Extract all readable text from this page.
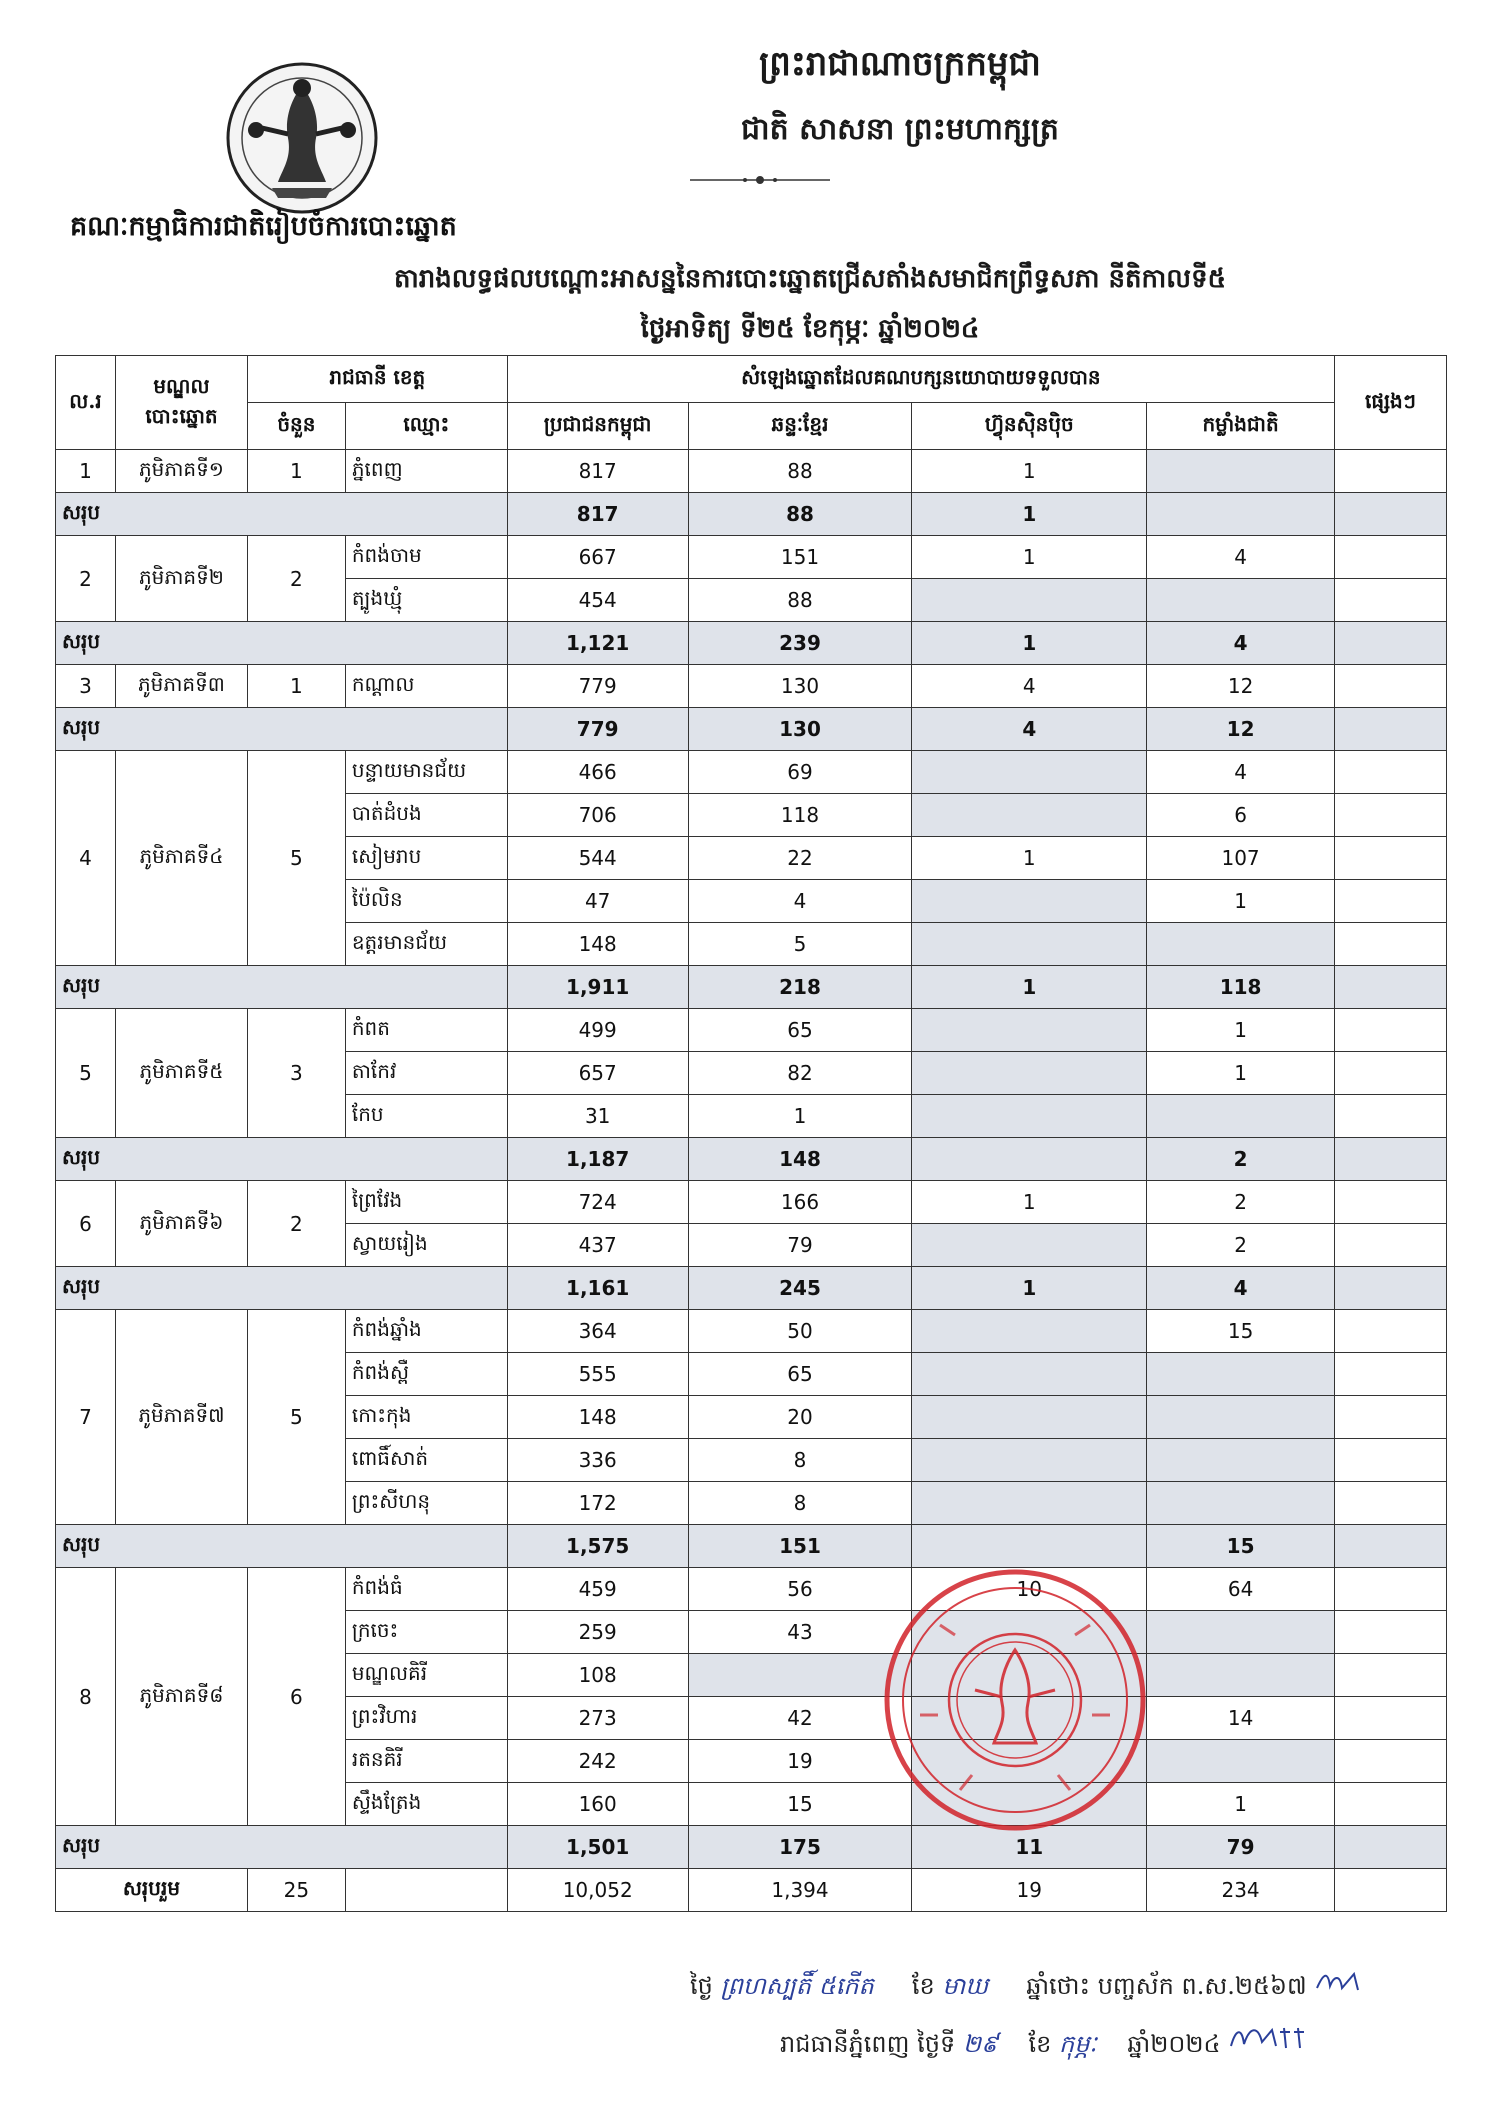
ព្រះរាជាណាចក្រកម្ពុជា
ជាតិ សាសនា ព្រះមហាក្សត្រ
គណៈកម្មាធិការជាតិរៀបចំការបោះឆ្នោត
តារាងលទ្ធផលបណ្តោះអាសន្ននៃការបោះឆ្នោតជ្រើសតាំងសមាជិកព្រឹទ្ធសភា នីតិកាលទី៥
ថ្ងៃអាទិត្យ ទី២៥ ខែកុម្ភៈ ឆ្នាំ២០២៤
ល.រ	មណ្ឌល
បោះឆ្នោត	រាជធានី ខេត្ត		សំឡេងឆ្នោតដែលគណបក្សនយោបាយទទួលបាន				ផ្សេងៗ
		ចំនួន	ឈ្មោះ	ប្រជាជនកម្ពុជា	ឆន្ទៈខ្មែរ	ហ៊្វុនស៊ិនប៉ិច	កម្លាំងជាតិ	
1	ភូមិភាគទី១	1	ភ្នំពេញ	817	88	1		
សរុប				817	88	1		
2	ភូមិភាគទី២	2	កំពង់ចាម	667	151	1	4	
			ត្បូងឃ្មុំ	454	88			
សរុប				1,121	239	1	4	
3	ភូមិភាគទី៣	1	កណ្ដាល	779	130	4	12	
សរុប				779	130	4	12	
4	ភូមិភាគទី៤	5	បន្ទាយមានជ័យ	466	69		4	
			បាត់ដំបង	706	118		6	
			សៀមរាប	544	22	1	107	
			ប៉ៃលិន	47	4		1	
			ឧត្តរមានជ័យ	148	5			
សរុប				1,911	218	1	118	
5	ភូមិភាគទី៥	3	កំពត	499	65		1	
			តាកែវ	657	82		1	
			កែប	31	1			
សរុប				1,187	148		2	
6	ភូមិភាគទី៦	2	ព្រៃវែង	724	166	1	2	
			ស្វាយរៀង	437	79		2	
សរុប				1,161	245	1	4	
7	ភូមិភាគទី៧	5	កំពង់ឆ្នាំង	364	50		15	
			កំពង់ស្ពឺ	555	65			
			កោះកុង	148	20			
			ពោធិ៍សាត់	336	8			
			ព្រះសីហនុ	172	8			
សរុប				1,575	151		15	
8	ភូមិភាគទី៨	6	កំពង់ធំ	459	56	10	64	
			ក្រចេះ	259	43			
			មណ្ឌលគិរី	108				
			ព្រះវិហារ	273	42		14	
			រតនគិរី	242	19			
			ស្ទឹងត្រែង	160	15		1	
សរុប				1,501	175	11	79	
សរុបរួម		25		10,052	1,394	19	234	
ថ្ងៃ ព្រហស្បតិ៍ ៥កេីត ខែ មាឃ ឆ្នាំថោះ បញ្ចស័ក ព.ស.២៥៦៧
រាជធានីភ្នំពេញ ថ្ងៃទី ២៩ ខែ កុម្ភៈ ឆ្នាំ២០២៤
